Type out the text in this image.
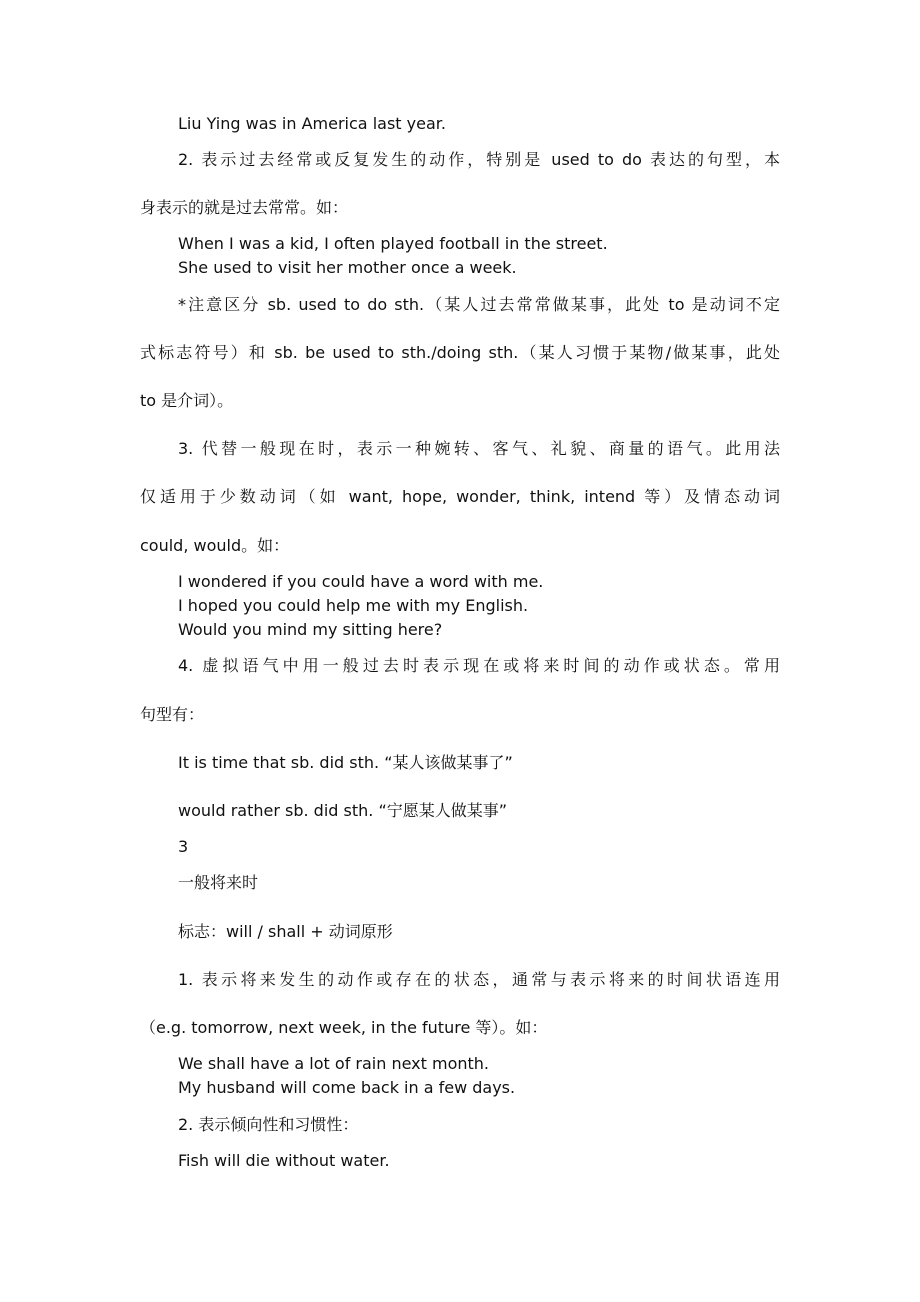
Liu Ying was in America last year.
2. 表示过去经常或反复发生的动作，特别是 used to do 表达的句型，本
身表示的就是过去常常。如：
When I was a kid, I often played football in the street.
She used to visit her mother once a week.
*注意区分 sb. used to do sth.（某人过去常常做某事，此处 to 是动词不定
式标志符号）和 sb. be used to sth./doing sth.（某人习惯于某物/做某事，此处
to 是介词）。
3. 代替一般现在时，表示一种婉转、客气、礼貌、商量的语气。此用法
仅适用于少数动词（如 want, hope, wonder, think, intend 等）及情态动词
could, would。如：
I wondered if you could have a word with me.
I hoped you could help me with my English.
Would you mind my sitting here?
4. 虚拟语气中用一般过去时表示现在或将来时间的动作或状态。常用
句型有：
It is time that sb. did sth. “某人该做某事了”
would rather sb. did sth. “宁愿某人做某事”
3
一般将来时
标志：will / shall + 动词原形
1. 表示将来发生的动作或存在的状态，通常与表示将来的时间状语连用
（e.g. tomorrow, next week, in the future 等）。如：
We shall have a lot of rain next month.
My husband will come back in a few days.
2. 表示倾向性和习惯性：
Fish will die without water.
